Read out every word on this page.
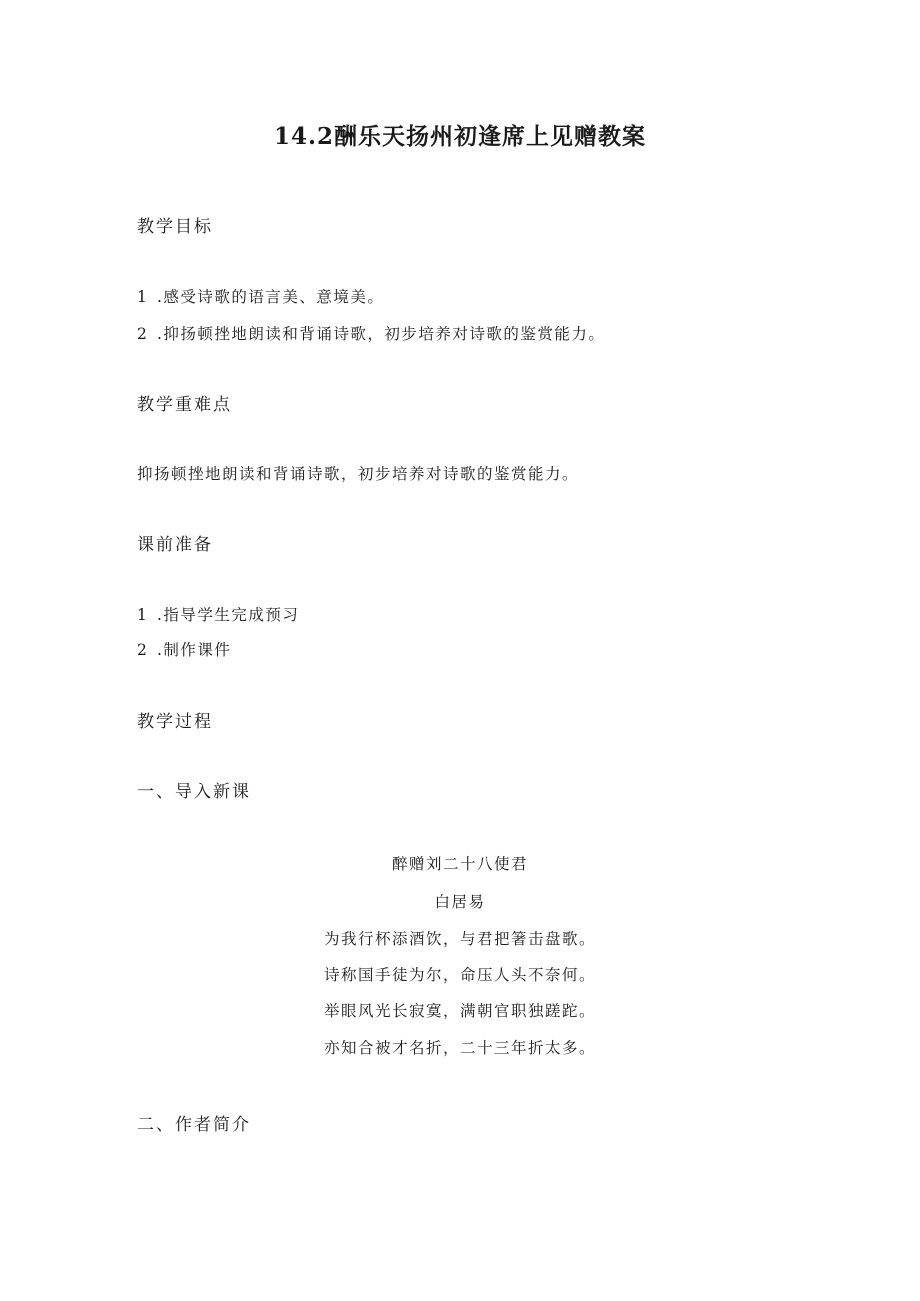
14.2酬乐天扬州初逢席上见赠教案
教学目标
1 .感受诗歌的语言美、意境美。
2 .抑扬顿挫地朗读和背诵诗歌，初步培养对诗歌的鉴赏能力。
教学重难点
抑扬顿挫地朗读和背诵诗歌，初步培养对诗歌的鉴赏能力。
课前准备
1 .指导学生完成预习
2 .制作课件
教学过程
一、导入新课
醉赠刘二十八使君
白居易
为我行杯添酒饮，与君把箸击盘歌。
诗称国手徒为尔，命压人头不奈何。
举眼风光长寂寞，满朝官职独蹉跎。
亦知合被才名折，二十三年折太多。
二、作者简介
